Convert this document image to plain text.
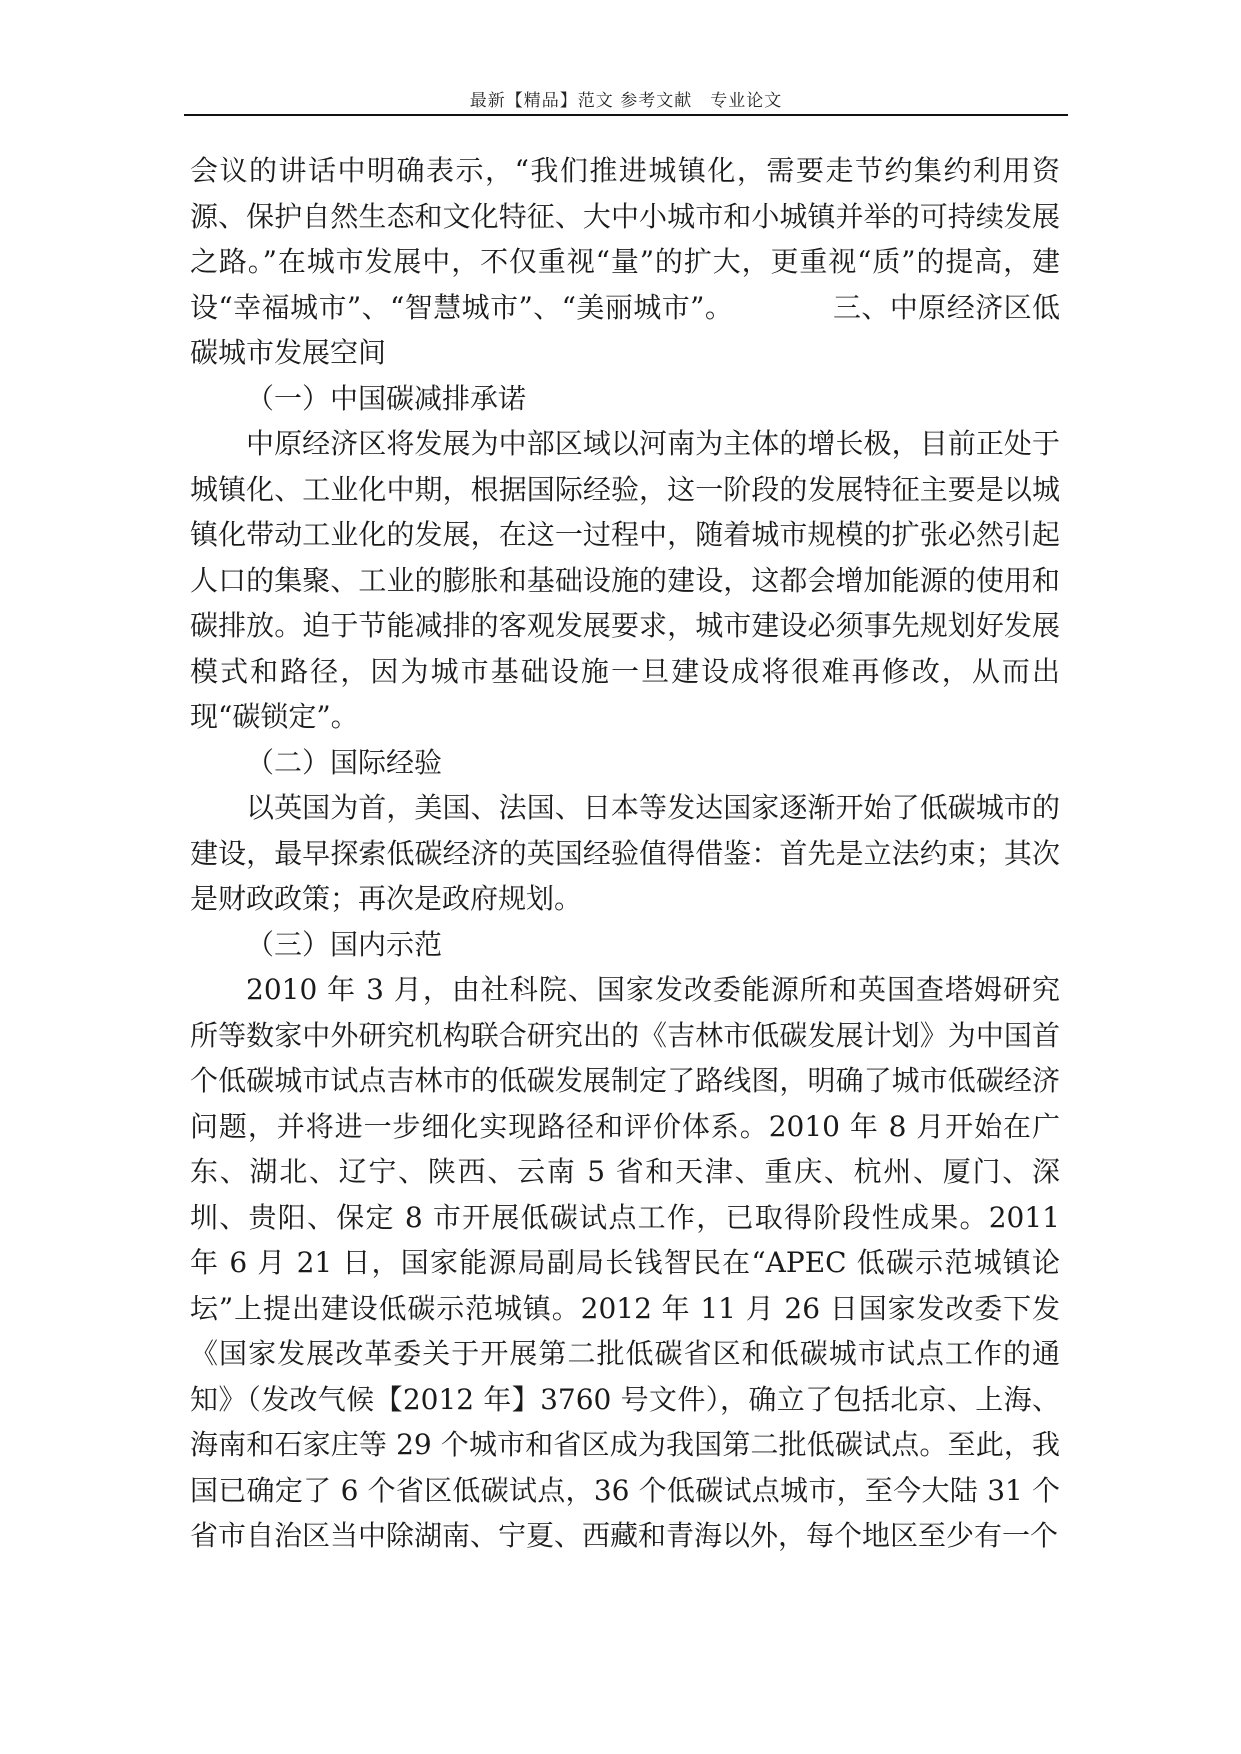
最新【精品】范文 参考文献　专业论文

会议的讲话中明确表示，“我们推进城镇化，需要走节约集约利用资源、保护自然生态和文化特征、大中小城市和小城镇并举的可持续发展之路。”在城市发展中，不仅重视“量”的扩大，更重视“质”的提高，建设“幸福城市”、“智慧城市”、“美丽城市”。　　　　三、中原经济区低碳城市发展空间

（一）中国碳减排承诺

中原经济区将发展为中部区域以河南为主体的增长极，目前正处于城镇化、工业化中期，根据国际经验，这一阶段的发展特征主要是以城镇化带动工业化的发展，在这一过程中，随着城市规模的扩张必然引起人口的集聚、工业的膨胀和基础设施的建设，这都会增加能源的使用和碳排放。迫于节能减排的客观发展要求，城市建设必须事先规划好发展模式和路径，因为城市基础设施一旦建设成将很难再修改，从而出现“碳锁定”。

（二）国际经验

以英国为首，美国、法国、日本等发达国家逐渐开始了低碳城市的建设，最早探索低碳经济的英国经验值得借鉴：首先是立法约束；其次是财政政策；再次是政府规划。

（三）国内示范

2010 年 3 月，由社科院、国家发改委能源所和英国查塔姆研究所等数家中外研究机构联合研究出的《吉林市低碳发展计划》为中国首个低碳城市试点吉林市的低碳发展制定了路线图，明确了城市低碳经济问题，并将进一步细化实现路径和评价体系。2010 年 8 月开始在广东、湖北、辽宁、陕西、云南 5 省和天津、重庆、杭州、厦门、深圳、贵阳、保定 8 市开展低碳试点工作，已取得阶段性成果。2011 年 6 月 21 日，国家能源局副局长钱智民在“APEC 低碳示范城镇论坛”上提出建设低碳示范城镇。2012 年 11 月 26 日国家发改委下发《国家发展改革委关于开展第二批低碳省区和低碳城市试点工作的通知》（发改气候【2012 年】3760 号文件），确立了包括北京、上海、海南和石家庄等 29 个城市和省区成为我国第二批低碳试点。至此，我国已确定了 6 个省区低碳试点，36 个低碳试点城市，至今大陆 31 个省市自治区当中除湖南、宁夏、西藏和青海以外，每个地区至少有一个
